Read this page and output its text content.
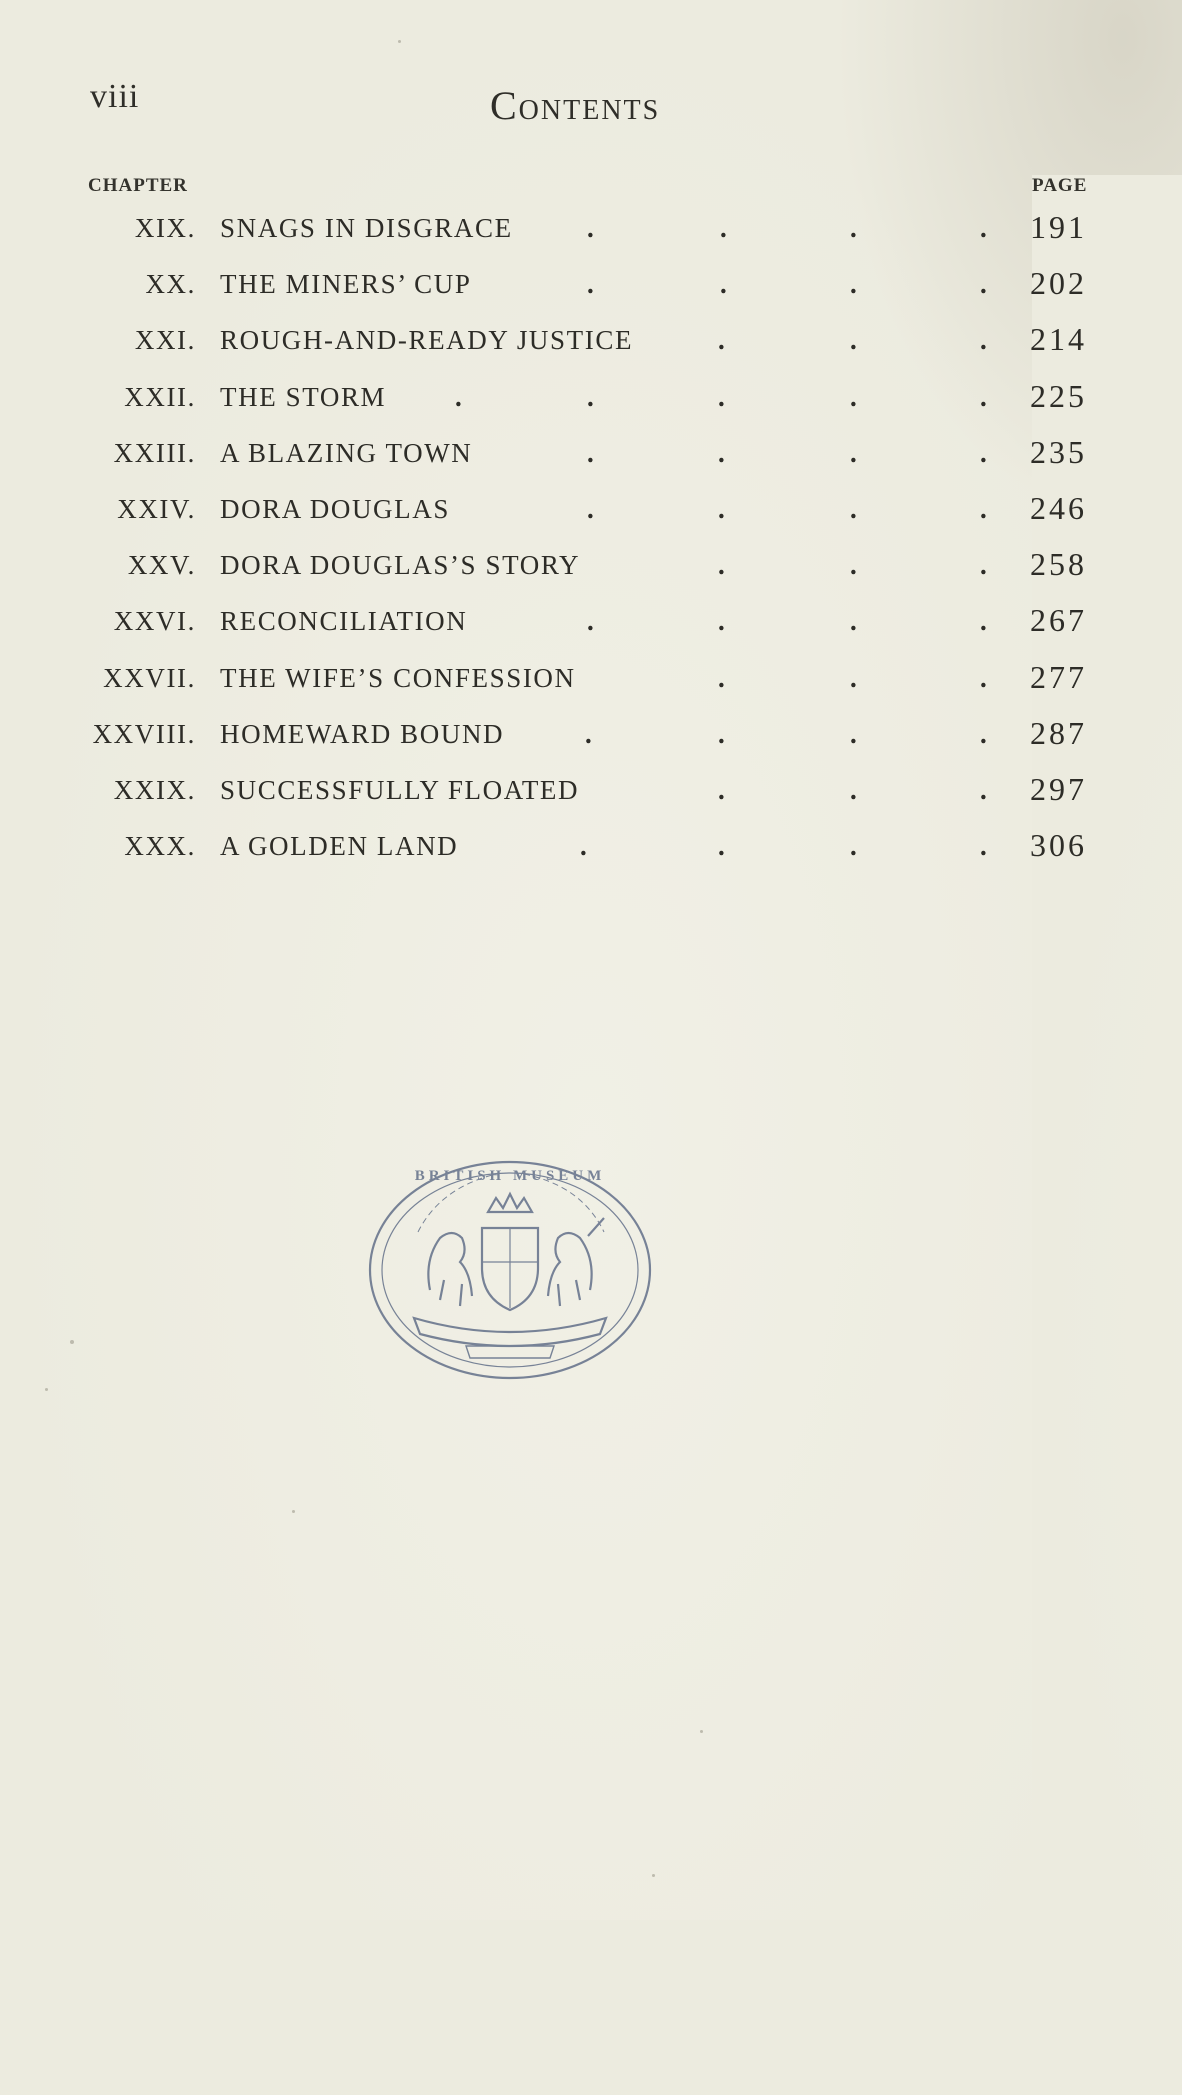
viii	Contents
CHAPTER	PAGE
XIX. SNAGS IN DISGRACE	.	.	.	. 191
XX. THE MINERS’ CUP	.	.	.	. 202
XXI. ROUGH-AND-READY JUSTICE	.	.	. 214
XXII. THE STORM	.	.	.	.	. 225
XXIII. A BLAZING TOWN	.	.	.	. 235
XXIV. DORA DOUGLAS	.	.	.	. 246
XXV. DORA DOUGLAS’S STORY	.	.	. 258
XXVI. RECONCILIATION	.	.	.	. 267
XXVII. THE WIFE’S CONFESSION	.	.	. 277
XXVIII. HOMEWARD BOUND	.	.	.	. 287
XXIX. SUCCESSFULLY FLOATED	.	.	. 297
XXX. A GOLDEN LAND	.	.	.	. 306
BRITISH MUSEUM
